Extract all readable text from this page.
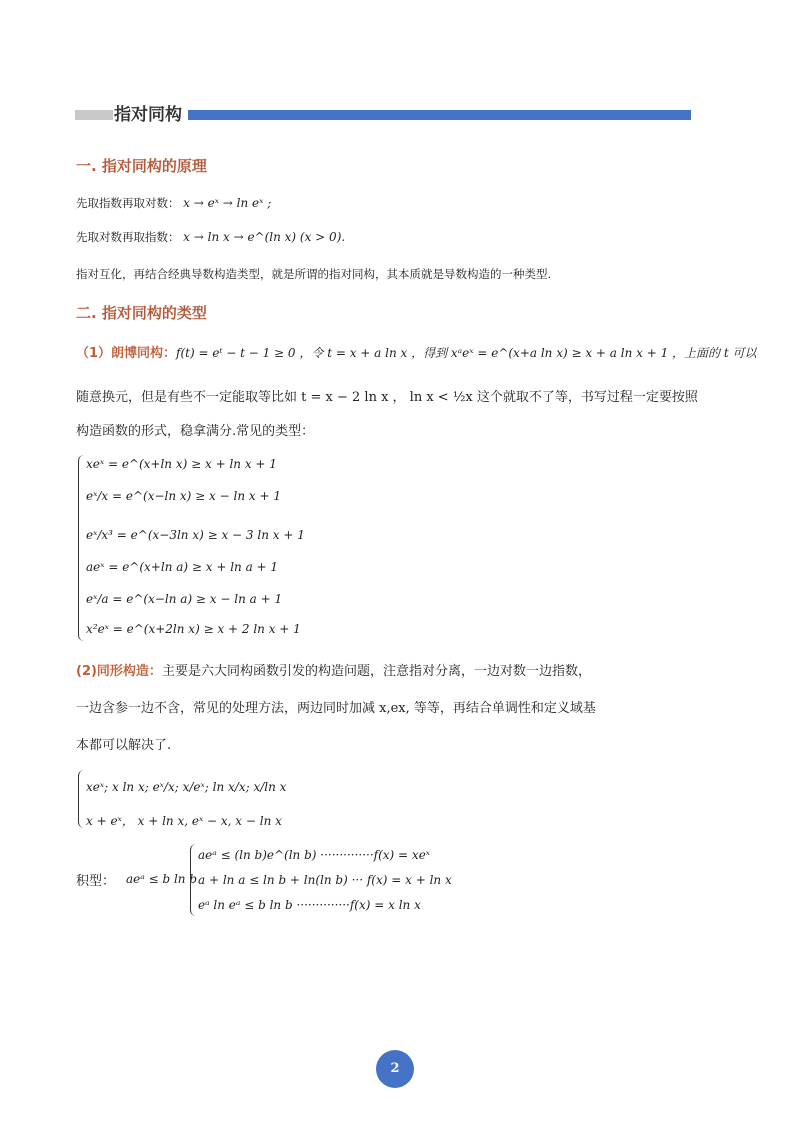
指对同构
一. 指对同构的原理
先取指数再取对数： x → eˣ → ln eˣ ;
先取对数再取指数： x → ln x → e^(ln x) (x > 0).
指对互化，再结合经典导数构造类型，就是所谓的指对同构，其本质就是导数构造的一种类型.
二. 指对同构的类型
（1）朗博同构：f(t) = eᵗ − t − 1 ≥ 0 ，令 t = x + a ln x ，得到 xᵃeˣ = e^(x+a ln x) ≥ x + a ln x + 1 ，上面的 t 可以
随意换元，但是有些不一定能取等比如 t = x − 2 ln x ， ln x < ½x 这个就取不了等，书写过程一定要按照
构造函数的形式，稳拿满分.常见的类型：
xeˣ = e^(x+ln x) ≥ x + ln x + 1
eˣ/x = e^(x−ln x) ≥ x − ln x + 1
eˣ/x³ = e^(x−3ln x) ≥ x − 3 ln x + 1
aeˣ = e^(x+ln a) ≥ x + ln a + 1
eˣ/a = e^(x−ln a) ≥ x − ln a + 1
x²eˣ = e^(x+2ln x) ≥ x + 2 ln x + 1
(2)同形构造：主要是六大同构函数引发的构造问题，注意指对分离，一边对数一边指数，
一边含参一边不含，常见的处理方法，两边同时加减 x,ex, 等等，再结合单调性和定义域基
本都可以解决了.
xeˣ; x ln x; eˣ/x; x/eˣ; ln x/x; x/ln x
x + eˣ， x + ln x, eˣ − x, x − ln x
积型： aeᵃ ≤ b ln b
aeᵃ ≤ (ln b)e^(ln b) ··············f(x) = xeˣ
a + ln a ≤ ln b + ln(ln b) ··· f(x) = x + ln x
eᵃ ln eᵃ ≤ b ln b ··············f(x) = x ln x
2
